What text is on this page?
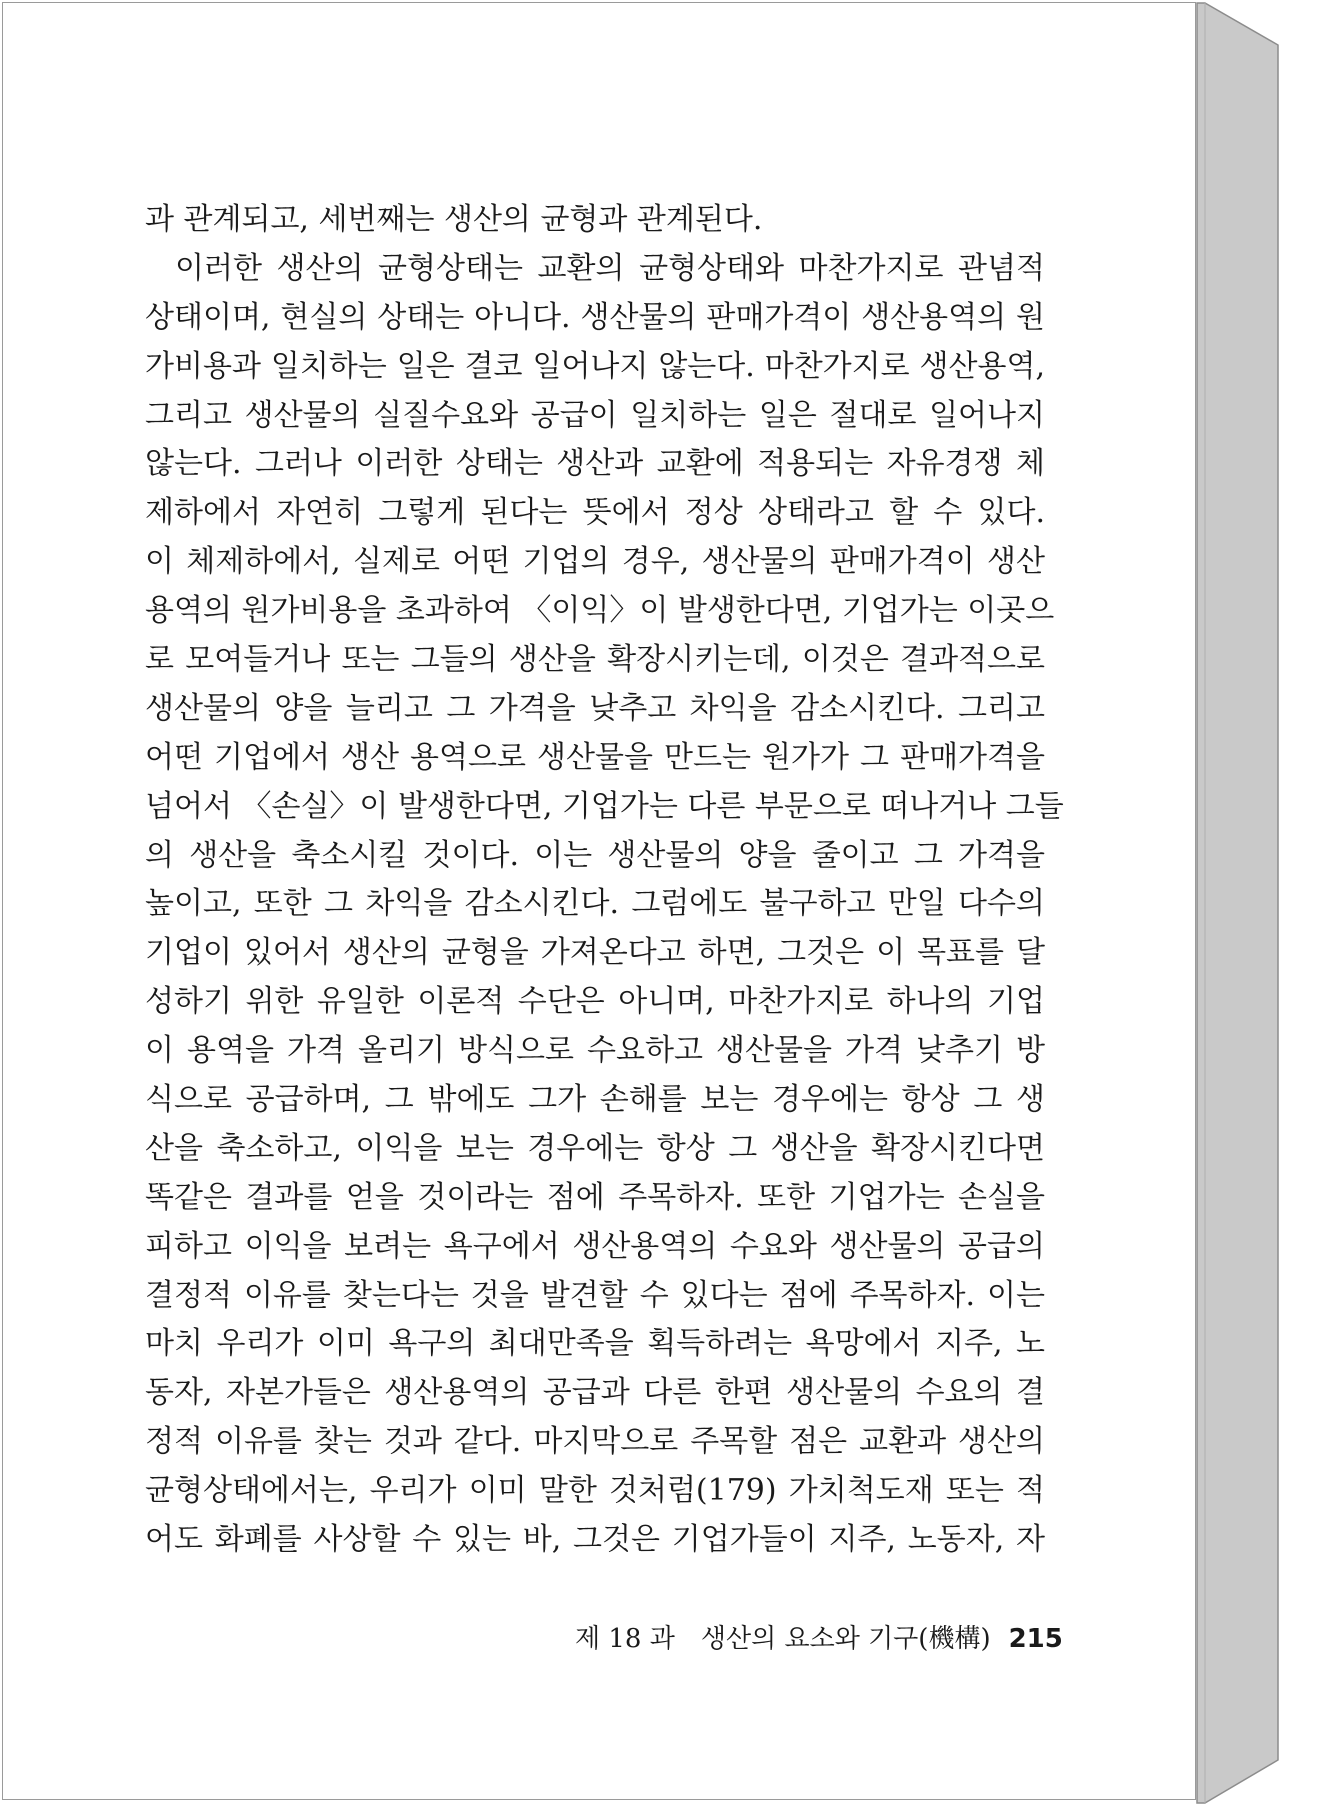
과 관계되고, 세번째는 생산의 균형과 관계된다.
이러한 생산의 균형상태는 교환의 균형상태와 마찬가지로 관념적
상태이며, 현실의 상태는 아니다. 생산물의 판매가격이 생산용역의 원
가비용과 일치하는 일은 결코 일어나지 않는다. 마찬가지로 생산용역,
그리고 생산물의 실질수요와 공급이 일치하는 일은 절대로 일어나지
않는다. 그러나 이러한 상태는 생산과 교환에 적용되는 자유경쟁 체
제하에서 자연히 그렇게 된다는 뜻에서 정상 상태라고 할 수 있다.
이 체제하에서, 실제로 어떤 기업의 경우, 생산물의 판매가격이 생산
용역의 원가비용을 초과하여 〈이익〉이 발생한다면, 기업가는 이곳으
로 모여들거나 또는 그들의 생산을 확장시키는데, 이것은 결과적으로
생산물의 양을 늘리고 그 가격을 낮추고 차익을 감소시킨다. 그리고
어떤 기업에서 생산 용역으로 생산물을 만드는 원가가 그 판매가격을
넘어서 〈손실〉이 발생한다면, 기업가는 다른 부문으로 떠나거나 그들
의 생산을 축소시킬 것이다. 이는 생산물의 양을 줄이고 그 가격을
높이고, 또한 그 차익을 감소시킨다. 그럼에도 불구하고 만일 다수의
기업이 있어서 생산의 균형을 가져온다고 하면, 그것은 이 목표를 달
성하기 위한 유일한 이론적 수단은 아니며, 마찬가지로 하나의 기업
이 용역을 가격 올리기 방식으로 수요하고 생산물을 가격 낮추기 방
식으로 공급하며, 그 밖에도 그가 손해를 보는 경우에는 항상 그 생
산을 축소하고, 이익을 보는 경우에는 항상 그 생산을 확장시킨다면
똑같은 결과를 얻을 것이라는 점에 주목하자. 또한 기업가는 손실을
피하고 이익을 보려는 욕구에서 생산용역의 수요와 생산물의 공급의
결정적 이유를 찾는다는 것을 발견할 수 있다는 점에 주목하자. 이는
마치 우리가 이미 욕구의 최대만족을 획득하려는 욕망에서 지주, 노
동자, 자본가들은 생산용역의 공급과 다른 한편 생산물의 수요의 결
정적 이유를 찾는 것과 같다. 마지막으로 주목할 점은 교환과 생산의
균형상태에서는, 우리가 이미 말한 것처럼(179) 가치척도재 또는 적
어도 화폐를 사상할 수 있는 바, 그것은 기업가들이 지주, 노동자, 자
제 18 과　생산의 요소와 기구(機構) 215
